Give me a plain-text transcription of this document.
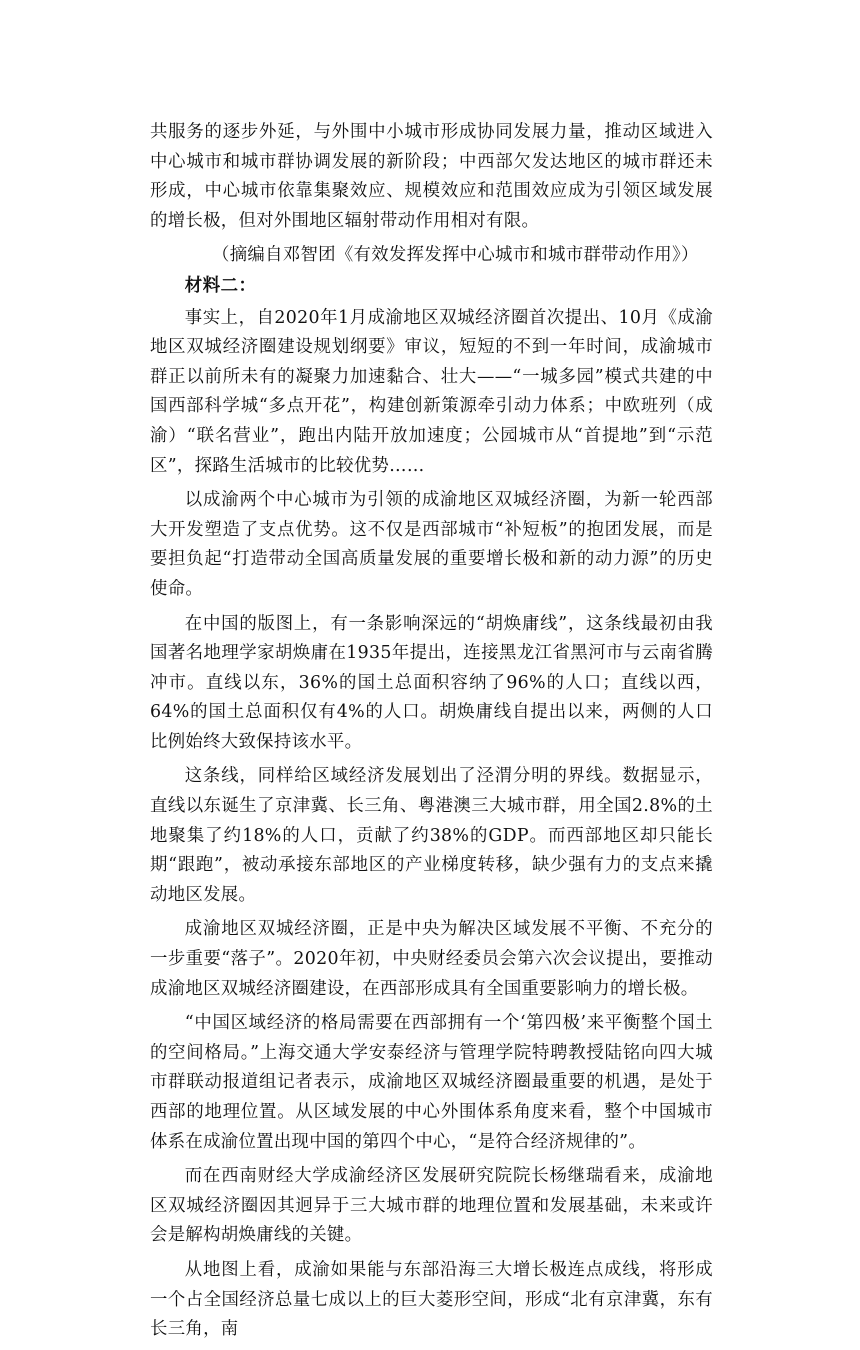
共服务的逐步外延，与外围中小城市形成协同发展力量，推动区域进入中心城市和城市群协调发展的新阶段；中西部欠发达地区的城市群还未形成，中心城市依靠集聚效应、规模效应和范围效应成为引领区域发展的增长极，但对外围地区辐射带动作用相对有限。

（摘编自邓智团《有效发挥发挥中心城市和城市群带动作用》）

材料二：

事实上，自2020年1月成渝地区双城经济圈首次提出、10月《成渝地区双城经济圈建设规划纲要》审议，短短的不到一年时间，成渝城市群正以前所未有的凝聚力加速黏合、壮大——“一城多园”模式共建的中国西部科学城“多点开花”，构建创新策源牵引动力体系；中欧班列（成渝）“联名营业”，跑出内陆开放加速度；公园城市从“首提地”到“示范区”，探路生活城市的比较优势……

以成渝两个中心城市为引领的成渝地区双城经济圈，为新一轮西部大开发塑造了支点优势。这不仅是西部城市“补短板”的抱团发展，而是要担负起“打造带动全国高质量发展的重要增长极和新的动力源”的历史使命。

在中国的版图上，有一条影响深远的“胡焕庸线”，这条线最初由我国著名地理学家胡焕庸在1935年提出，连接黑龙江省黑河市与云南省腾冲市。直线以东，36%的国土总面积容纳了96%的人口；直线以西，64%的国土总面积仅有4%的人口。胡焕庸线自提出以来，两侧的人口比例始终大致保持该水平。

这条线，同样给区域经济发展划出了泾渭分明的界线。数据显示，直线以东诞生了京津冀、长三角、粤港澳三大城市群，用全国2.8%的土地聚集了约18%的人口，贡献了约38%的GDP。而西部地区却只能长期“跟跑”，被动承接东部地区的产业梯度转移，缺少强有力的支点来撬动地区发展。

成渝地区双城经济圈，正是中央为解决区域发展不平衡、不充分的一步重要“落子”。2020年初，中央财经委员会第六次会议提出，要推动成渝地区双城经济圈建设，在西部形成具有全国重要影响力的增长极。

“中国区域经济的格局需要在西部拥有一个‘第四极’来平衡整个国土的空间格局。”上海交通大学安泰经济与管理学院特聘教授陆铭向四大城市群联动报道组记者表示，成渝地区双城经济圈最重要的机遇，是处于西部的地理位置。从区域发展的中心外围体系角度来看，整个中国城市体系在成渝位置出现中国的第四个中心，“是符合经济规律的”。

而在西南财经大学成渝经济区发展研究院院长杨继瑞看来，成渝地区双城经济圈因其迥异于三大城市群的地理位置和发展基础，未来或许会是解构胡焕庸线的关键。

从地图上看，成渝如果能与东部沿海三大增长极连点成线，将形成一个占全国经济总量七成以上的巨大菱形空间，形成“北有京津冀，东有长三角，南
